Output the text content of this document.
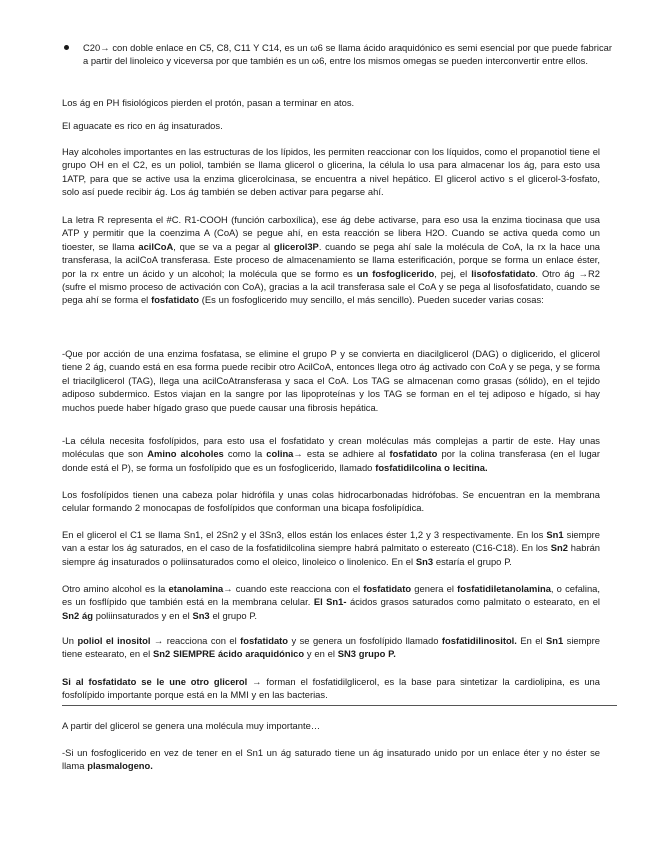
C20→ con doble enlace en C5, C8, C11 Y C14, es un ω6 se llama ácido araquidónico es semi esencial por que puede fabricar a partir del linoleico y viceversa por que también es un ω6, entre los mismos omegas se pueden interconvertir entre ellos.

Los ág en PH fisiológicos pierden el protón, pasan a terminar en atos.

El aguacate es rico en ág insaturados.

Hay alcoholes importantes en las estructuras de los lípidos, les permiten reaccionar con los líquidos, como el propanotiol tiene el grupo OH en el C2, es un poliol, también se llama glicerol o glicerina, la célula lo usa para almacenar los ág, para esto usa 1ATP, para que se active usa la enzima glicerolcinasa, se encuentra a nivel hepático. El glicerol activo s el glicerol-3-fosfato, solo así puede recibir ág. Los ág también se deben activar para pegarse ahí.

La letra R representa el #C. R1-COOH (función carboxílica), ese ág debe activarse, para eso usa la enzima tiocinasa que usa ATP y permitir que la coenzima A (CoA) se pegue ahí, en esta reacción se libera H2O. Cuando se activa queda como un tioester, se llama acilCoA, que se va a pegar al glicerol3P. cuando se pega ahí sale la molécula de CoA, la rx la hace una transferasa, la acilCoA transferasa. Este proceso de almacenamiento se llama esterificación, porque se forma un enlace éster, por la rx entre un ácido y un alcohol; la molécula que se formo es un fosfoglicerido, pej, el lisofosfatidato. Otro ág →R2 (sufre el mismo proceso de activación con CoA), gracias a la acil transferasa sale el CoA y se pega al lisofosfatidato, cuando se pega ahí se forma el fosfatidato (Es un fosfoglicerido muy sencillo, el más sencillo). Pueden suceder varias cosas:

-Que por acción de una enzima fosfatasa, se elimine el grupo P y se convierta en diacilglicerol (DAG) o diglicerido, el glicerol tiene 2 ág, cuando está en esa forma puede recibir otro AcilCoA, entonces llega otro ág activado con CoA y se pega, y se forma el triacilglicerol (TAG), llega una acilCoAtransferasa y saca el CoA. Los TAG se almacenan como grasas (sólido), en el tejido adiposo subdermico. Estos viajan en la sangre por las lipoproteínas y los TAG se forman en el tej adiposo e hígado, si hay muchos puede haber hígado graso que puede causar una fibrosis hepática.

-La célula necesita fosfolípidos, para esto usa el fosfatidato y crean moléculas más complejas a partir de este. Hay unas moléculas que son Amino alcoholes como la colina→ esta se adhiere al fosfatidato por la colina transferasa (en el lugar donde está el P), se forma un fosfolípido que es un fosfoglicerido, llamado fosfatidilcolina o lecitina.

Los fosfolípidos tienen una cabeza polar hidrófila y unas colas hidrocarbonadas hidrófobas. Se encuentran en la membrana celular formando 2 monocapas de fosfolípidos que conforman una bicapa fosfolipídica.

En el glicerol el C1 se llama Sn1, el 2Sn2 y el 3Sn3, ellos están los enlaces éster 1,2 y 3 respectivamente. En los Sn1 siempre van a estar los ág saturados, en el caso de la fosfatidilcolina siempre habrá palmitato o estereato (C16-C18). En los Sn2 habrán siempre ág insaturados o poliinsaturados como el oleico, linoleico o linolenico. En el Sn3 estaría el grupo P.

Otro amino alcohol es la etanolamina→ cuando este reacciona con el fosfatidato genera el fosfatidiletanolamina, o cefalina, es un fosflípido que también está en la membrana celular. El Sn1- ácidos grasos saturados como palmitato o estearato, en el Sn2 ág poliinsaturados y en el Sn3 el grupo P.

Un poliol el inositol → reacciona con el fosfatidato y se genera un fosfolípido llamado fosfatidilinositol. En el Sn1 siempre tiene estearato, en el Sn2 SIEMPRE ácido araquidónico y en el SN3 grupo P.

Si al fosfatidato se le une otro glicerol → forman el fosfatidilglicerol, es la base para sintetizar la cardiolipina, es una fosfolípido importante porque está en la MMI y en las bacterias.

A partir del glicerol se genera una molécula muy importante…

-Si un fosfoglicerido en vez de tener en el Sn1 un ág saturado tiene un ág insaturado unido por un enlace éter y no éster se llama plasmalogeno.
